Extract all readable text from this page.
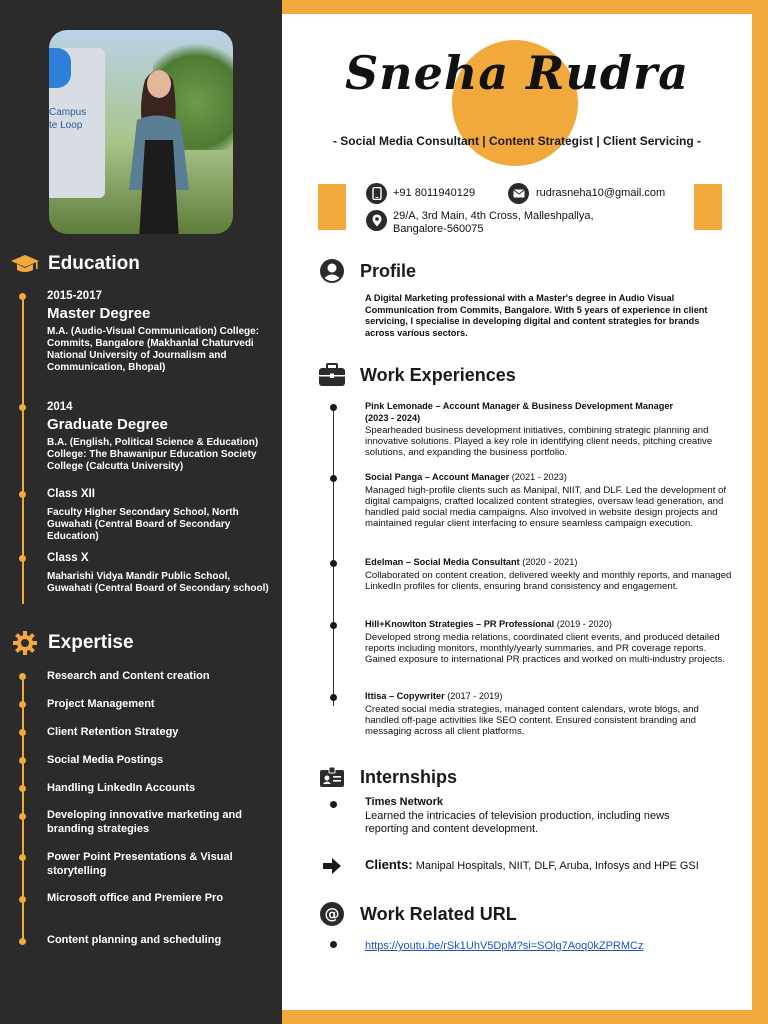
Campus
te Loop
Education
2015-2017
Master Degree
M.A. (Audio-Visual Communication) College: Commits, Bangalore (Makhanlal Chaturvedi National University of Journalism and Communication, Bhopal)
2014
Graduate Degree
B.A. (English, Political Science & Education) College: The Bhawanipur Education Society College (Calcutta University)
Class XII
Faculty Higher Secondary School, North Guwahati (Central Board of Secondary Education)
Class X
Maharishi Vidya Mandir Public School, Guwahati (Central Board of Secondary school)
Expertise
Research and Content creation
Project Management
Client Retention Strategy
Social Media Postings
Handling LinkedIn Accounts
Developing innovative marketing and branding strategies
Power Point Presentations & Visual storytelling
Microsoft office and Premiere Pro
Content planning and scheduling
Sneha Rudra
- Social Media Consultant | Content Strategist | Client Servicing -
+91 8011940129	rudrasneha10@gmail.com
29/A, 3rd Main, 4th Cross, Malleshpallya,
Bangalore-560075
Profile
A Digital Marketing professional with a Master's degree in Audio Visual Communication from Commits, Bangalore. With 5 years of experience in client servicing, I specialise in developing digital and content strategies for brands across various sectors.
Work Experiences
Pink Lemonade – Account Manager & Business Development Manager
(2023 - 2024)
Spearheaded business development initiatives, combining strategic planning and innovative solutions. Played a key role in identifying client needs, pitching creative solutions, and expanding the business portfolio.
Social Panga – Account Manager (2021 - 2023)
Managed high-profile clients such as Manipal, NIIT, and DLF. Led the development of digital campaigns, crafted localized content strategies, oversaw lead generation, and handled paid social media campaigns. Also involved in website design projects and maintained regular client interfacing to ensure seamless campaign execution.
Edelman – Social Media Consultant (2020 - 2021)
Collaborated on content creation, delivered weekly and monthly reports, and managed LinkedIn profiles for clients, ensuring brand consistency and engagement.
Hill+Knowlton Strategies – PR Professional (2019 - 2020)
Developed strong media relations, coordinated client events, and produced detailed reports including monitors, monthly/yearly summaries, and PR coverage reports. Gained exposure to international PR practices and worked on multi-industry projects.
Ittisa – Copywriter (2017 - 2019)
Created social media strategies, managed content calendars, wrote blogs, and handled off-page activities like SEO content. Ensured consistent branding and messaging across all client platforms.
Internships
Times Network
Learned the intricacies of television production, including news reporting and content development.
Clients: Manipal Hospitals, NIIT, DLF, Aruba, Infosys and HPE GSI
@ Work Related URL
https://youtu.be/rSk1UhV5DpM?si=SOlg7Aoq0kZPRMCz
